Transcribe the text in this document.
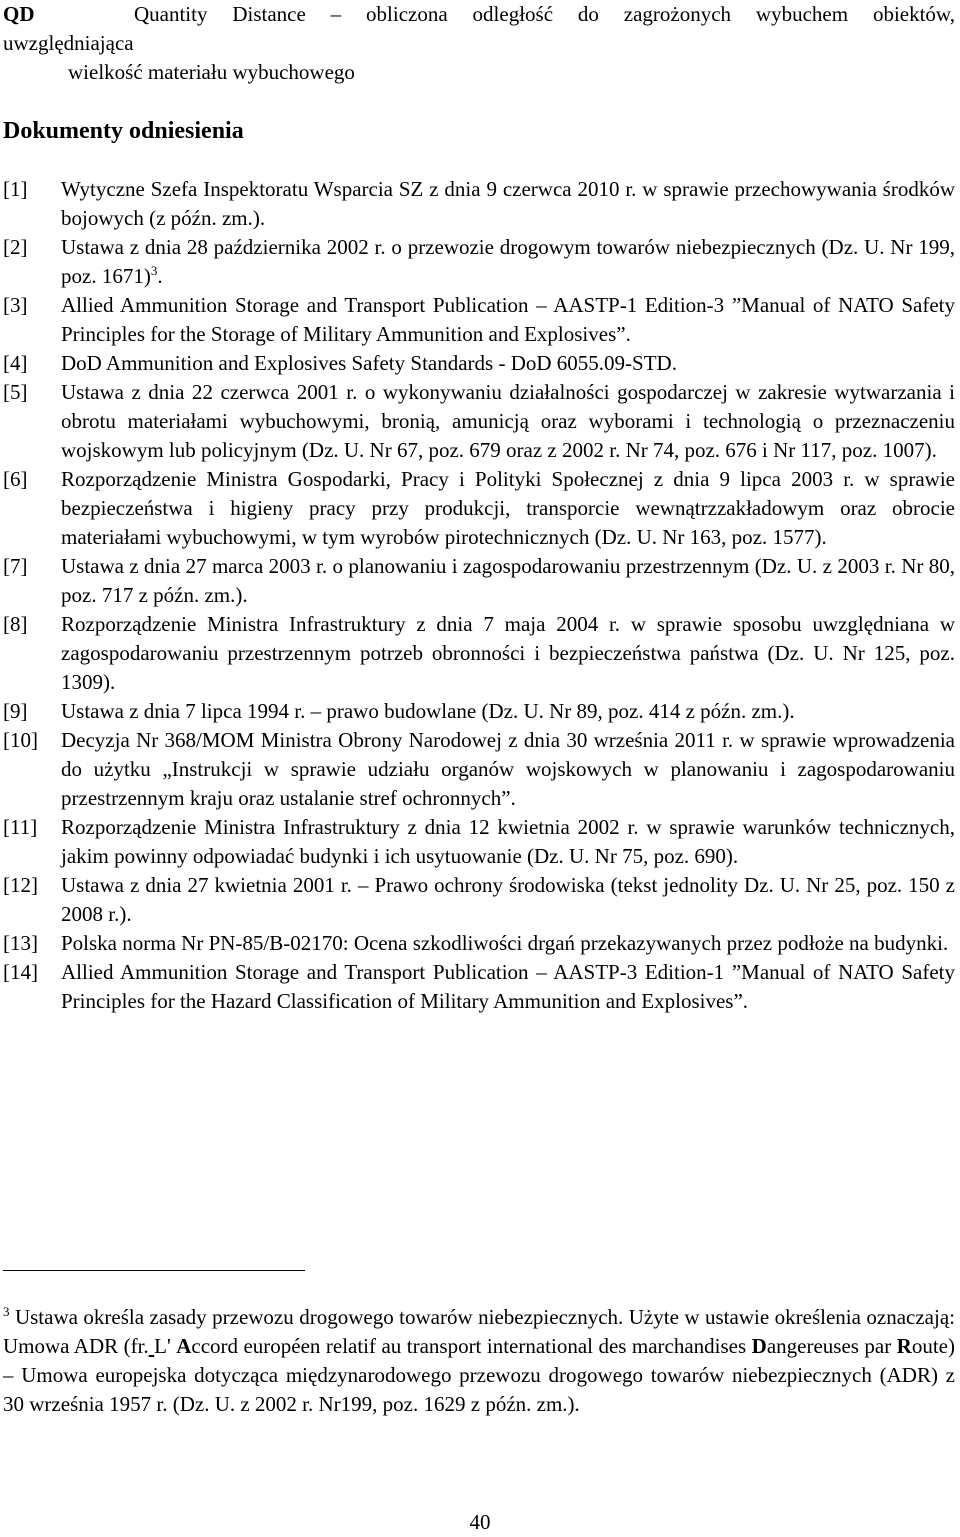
QD	Quantity Distance – obliczona odległość do zagrożonych wybuchem obiektów,
uwzględniająca
wielkość materiału wybuchowego
Dokumenty odniesienia
[1]	Wytyczne Szefa Inspektoratu Wsparcia SZ z dnia 9 czerwca 2010 r. w sprawie przechowywania środków bojowych (z późn. zm.).
[2]	Ustawa z dnia 28 października 2002 r. o przewozie drogowym towarów niebezpiecznych (Dz. U. Nr 199, poz. 1671)$^3$.
[3]	Allied Ammunition Storage and Transport Publication – AASTP-1 Edition-3 ”Manual of NATO Safety Principles for the Storage of Military Ammunition and Explosives”.
[4]	DoD Ammunition and Explosives Safety Standards - DoD 6055.09-STD.
[5]	Ustawa z dnia 22 czerwca 2001 r. o wykonywaniu działalności gospodarczej w zakresie wytwarzania i obrotu materiałami wybuchowymi, bronią, amunicją oraz wyborami i technologią o przeznaczeniu wojskowym lub policyjnym (Dz. U. Nr 67, poz. 679 oraz z 2002 r. Nr 74, poz. 676 i Nr 117, poz. 1007).
[6]	Rozporządzenie Ministra Gospodarki, Pracy i Polityki Społecznej z dnia 9 lipca 2003 r. w sprawie bezpieczeństwa i higieny pracy przy produkcji, transporcie wewnątrzzakładowym oraz obrocie materiałami wybuchowymi, w tym wyrobów pirotechnicznych (Dz. U. Nr 163, poz. 1577).
[7]	Ustawa z dnia 27 marca 2003 r. o planowaniu i zagospodarowaniu przestrzennym (Dz. U. z 2003 r. Nr 80, poz. 717 z późn. zm.).
[8]	Rozporządzenie Ministra Infrastruktury z dnia 7 maja 2004 r. w sprawie sposobu uwzględniana w zagospodarowaniu przestrzennym potrzeb obronności i bezpieczeństwa państwa (Dz. U. Nr 125, poz. 1309).
[9]	Ustawa z dnia 7 lipca 1994 r. – prawo budowlane (Dz. U. Nr 89, poz. 414 z późn. zm.).
[10]	Decyzja Nr 368/MOM Ministra Obrony Narodowej z dnia 30 września 2011 r. w sprawie wprowadzenia do użytku „Instrukcji w sprawie udziału organów wojskowych w planowaniu i zagospodarowaniu przestrzennym kraju oraz ustalanie stref ochronnych”.
[11]	Rozporządzenie Ministra Infrastruktury z dnia 12 kwietnia 2002 r. w sprawie warunków technicznych, jakim powinny odpowiadać budynki i ich usytuowanie (Dz. U. Nr 75, poz. 690).
[12]	Ustawa z dnia 27 kwietnia 2001 r. – Prawo ochrony środowiska (tekst jednolity Dz. U. Nr 25, poz. 150 z 2008 r.).
[13]	Polska norma Nr PN-85/B-02170: Ocena szkodliwości drgań przekazywanych przez podłoże na budynki.
[14]	Allied Ammunition Storage and Transport Publication – AASTP-3 Edition-1 ”Manual of NATO Safety Principles for the Hazard Classification of Military Ammunition and Explosives”.

$^3$ Ustawa określa zasady przewozu drogowego towarów niebezpiecznych. Użyte w ustawie określenia oznaczają: Umowa ADR (fr. L' Accord européen relatif au transport international des marchandises Dangereuses par Route) – Umowa europejska dotycząca międzynarodowego przewozu drogowego towarów niebezpiecznych (ADR) z 30 września 1957 r. (Dz. U. z 2002 r. Nr199, poz. 1629 z późn. zm.).

40
